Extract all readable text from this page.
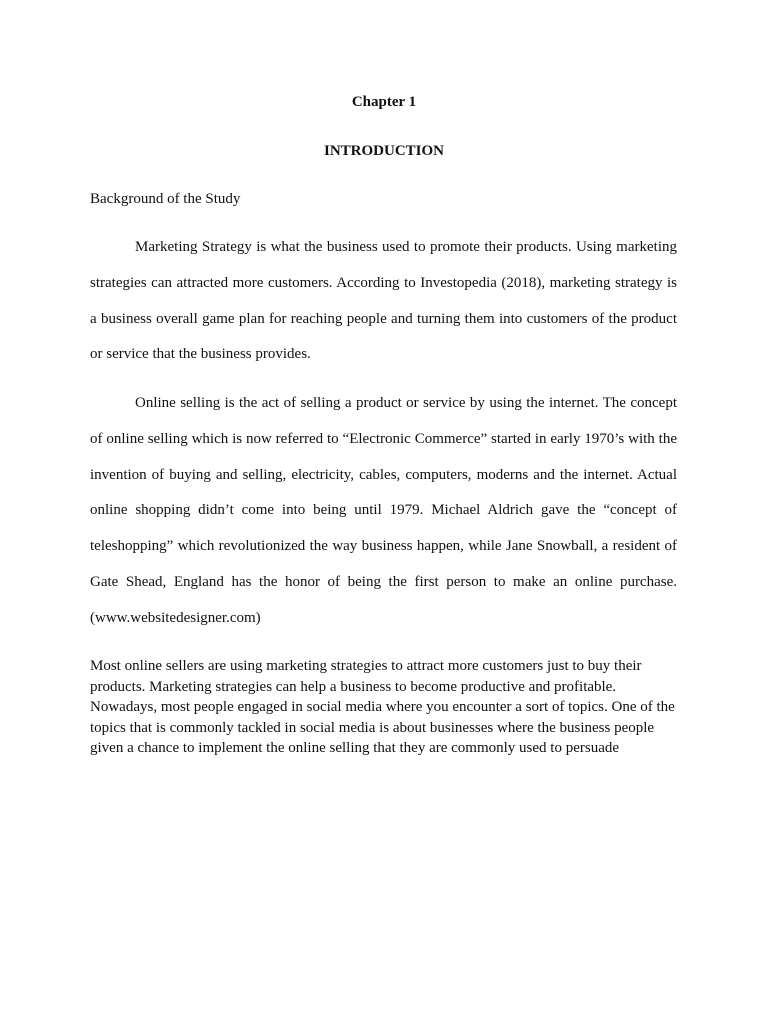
Chapter 1
INTRODUCTION
Background of the Study

Marketing Strategy is what the business used to promote their products. Using marketing strategies can attracted more customers. According to Investopedia (2018), marketing strategy is a business overall game plan for reaching people and turning them into customers of the product or service that the business provides.

Online selling is the act of selling a product or service by using the internet. The concept of online selling which is now referred to “Electronic Commerce” started in early 1970’s with the invention of buying and selling, electricity, cables, computers, moderns and the internet. Actual online shopping didn’t come into being until 1979. Michael Aldrich gave the “concept of teleshopping” which revolutionized the way business happen, while Jane Snowball, a resident of Gate Shead, England has the honor of being the first person to make an online purchase. (www.websitedesigner.com)

Most online sellers are using marketing strategies to attract more customers just to buy their products. Marketing strategies can help a business to become productive and profitable. Nowadays, most people engaged in social media where you encounter a sort of topics. One of the topics that is commonly tackled in social media is about businesses where the business people given a chance to implement the online selling that they are commonly used to persuade
